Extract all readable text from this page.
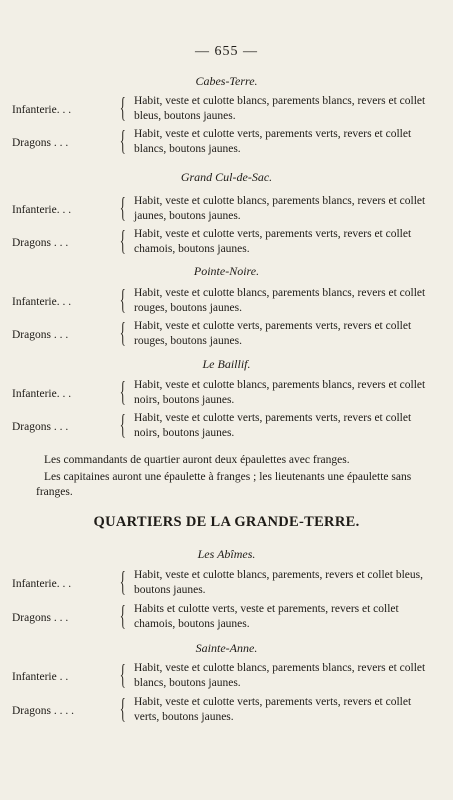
— 655 —
Cabes-Terre.
Infanterie. . .	{ Habit, veste et culotte blancs, parements blancs, revers et collet bleus, boutons jaunes.
Dragons . . .	{ Habit, veste et culotte verts, parements verts, revers et collet blancs, boutons jaunes.
Grand Cul-de-Sac.
Infanterie. . .	{ Habit, veste et culotte blancs, parements blancs, revers et collet jaunes, boutons jaunes.
Dragons . . .	{ Habit, veste et culotte verts, parements verts, revers et collet chamois, boutons jaunes.
Pointe-Noire.
Infanterie. . .	{ Habit, veste et culotte blancs, parements blancs, revers et collet rouges, boutons jaunes.
Dragons . . .	{ Habit, veste et culotte verts, parements verts, revers et collet rouges, boutons jaunes.
Le Baillif.
Infanterie. . .	{ Habit, veste et culotte blancs, parements blancs, revers et collet noirs, boutons jaunes.
Dragons . . .	{ Habit, veste et culotte verts, parements verts, revers et collet noirs, boutons jaunes.
Les commandants de quartier auront deux épaulettes avec franges.
Les capitaines auront une épaulette à franges ; les lieutenants une épaulette sans franges.
QUARTIERS DE LA GRANDE-TERRE.
Les Abîmes.
Infanterie. . .	{ Habit, veste et culotte blancs, parements, revers et collet bleus, boutons jaunes.
Dragons . . .	{ Habits et culotte verts, veste et parements, revers et collet chamois, boutons jaunes.
Sainte-Anne.
Infanterie . .	{ Habit, veste et culotte blancs, parements blancs, revers et collet blancs, boutons jaunes.
Dragons . . . .	{ Habit, veste et culotte verts, parements verts, revers et collet verts, boutons jaunes.
